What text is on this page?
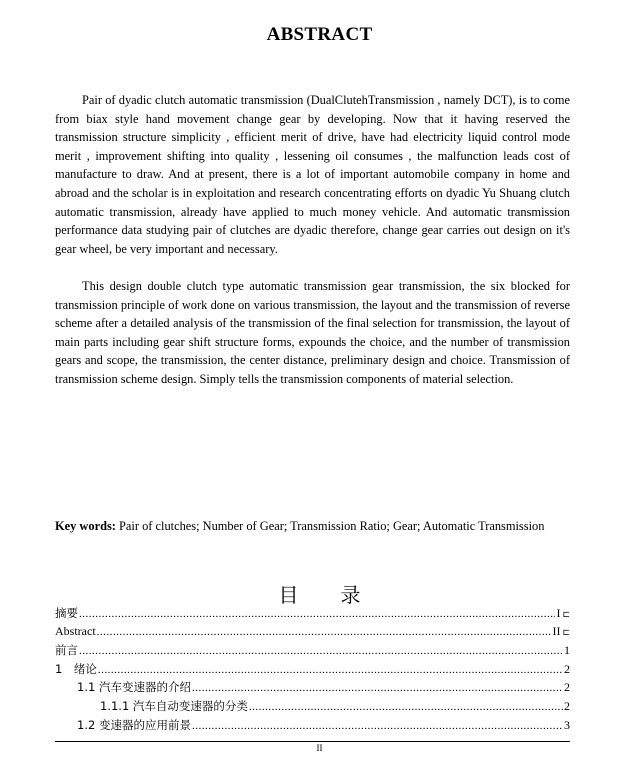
ABSTRACT

Pair of dyadic clutch automatic transmission (DualClutehTransmission , namely DCT), is to come from biax style hand movement change gear by developing. Now that it having reserved the transmission structure simplicity , efficient merit of drive, have had electricity liquid control mode merit , improvement shifting into quality , lessening oil consumes , the malfunction leads cost of manufacture to draw. And at present, there is a lot of important automobile company in home and abroad and the scholar is in exploitation and research concentrating efforts on dyadic Yu Shuang clutch automatic transmission, already have applied to much money vehicle. And automatic transmission performance data studying pair of clutches are dyadic therefore, change gear carries out design on it's gear wheel, be very important and necessary.

This design double clutch type automatic transmission gear transmission, the six blocked for transmission principle of work done on various transmission, the layout and the transmission of reverse scheme after a detailed analysis of the transmission of the final selection for transmission, the layout of main parts including gear shift structure forms, expounds the choice, and the number of transmission gears and scope, the transmission, the center distance, preliminary design and choice. Transmission of transmission scheme design. Simply tells the transmission components of material selection.

Key words: Pair of clutches; Number of Gear; Transmission Ratio; Gear; Automatic Transmission

目 录
摘要 .....	I ⊏
Abstract .....	II ⊏
前言 .....	1
1　绪论 .....	2
1.1 汽车变速器的介绍 .....	2
1.1.1 汽车自动变速器的分类 .....	2
1.2 变速器的应用前景 .....	3
II
